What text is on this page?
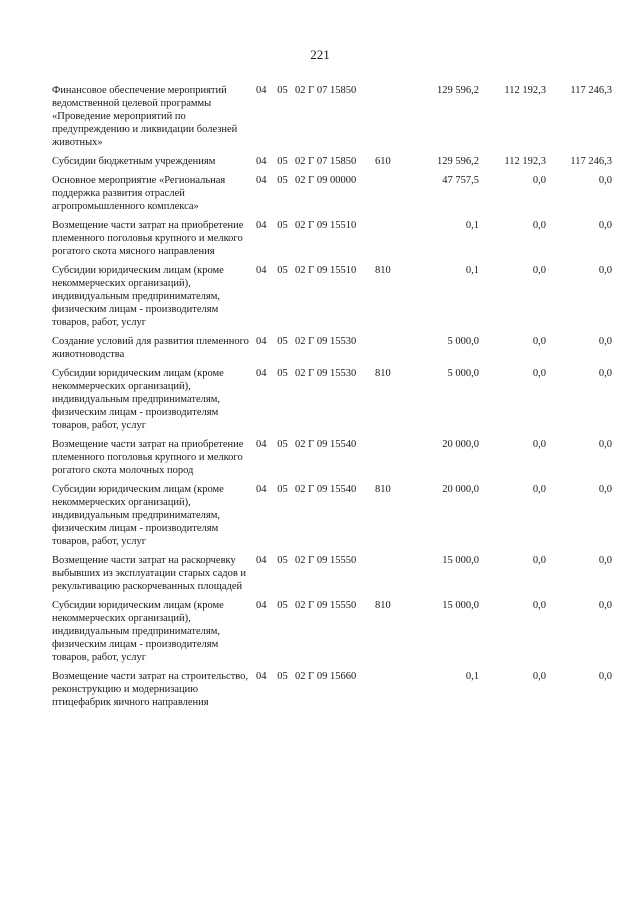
221
Финансовое обеспечение мероприятий ведомственной целевой программы «Проведение мероприятий по предупреждению и ликвидации болезней животных»	04	05	02 Г 07 15850		129 596,2	112 192,3	117 246,3
Субсидии бюджетным учреждениям	04	05	02 Г 07 15850	610	129 596,2	112 192,3	117 246,3
Основное мероприятие «Региональная поддержка развития отраслей агропромышленного комплекса»	04	05	02 Г 09 00000		47 757,5	0,0	0,0
Возмещение части затрат на приобретение племенного поголовья крупного и мелкого рогатого скота мясного направления	04	05	02 Г 09 15510		0,1	0,0	0,0
Субсидии юридическим лицам (кроме некоммерческих организаций), индивидуальным предпринимателям, физическим лицам - производителям товаров, работ, услуг	04	05	02 Г 09 15510	810	0,1	0,0	0,0
Создание условий для развития племенного животноводства	04	05	02 Г 09 15530		5 000,0	0,0	0,0
Субсидии юридическим лицам (кроме некоммерческих организаций), индивидуальным предпринимателям, физическим лицам - производителям товаров, работ, услуг	04	05	02 Г 09 15530	810	5 000,0	0,0	0,0
Возмещение части затрат на приобретение племенного поголовья крупного и мелкого рогатого скота молочных пород	04	05	02 Г 09 15540		20 000,0	0,0	0,0
Субсидии юридическим лицам (кроме некоммерческих организаций), индивидуальным предпринимателям, физическим лицам - производителям товаров, работ, услуг	04	05	02 Г 09 15540	810	20 000,0	0,0	0,0
Возмещение части затрат на раскорчевку выбывших из эксплуатации старых садов и рекультивацию раскорчеванных площадей	04	05	02 Г 09 15550		15 000,0	0,0	0,0
Субсидии юридическим лицам (кроме некоммерческих организаций), индивидуальным предпринимателям, физическим лицам - производителям товаров, работ, услуг	04	05	02 Г 09 15550	810	15 000,0	0,0	0,0
Возмещение части затрат на строительство, реконструкцию и модернизацию птицефабрик яичного направления	04	05	02 Г 09 15660		0,1	0,0	0,0
